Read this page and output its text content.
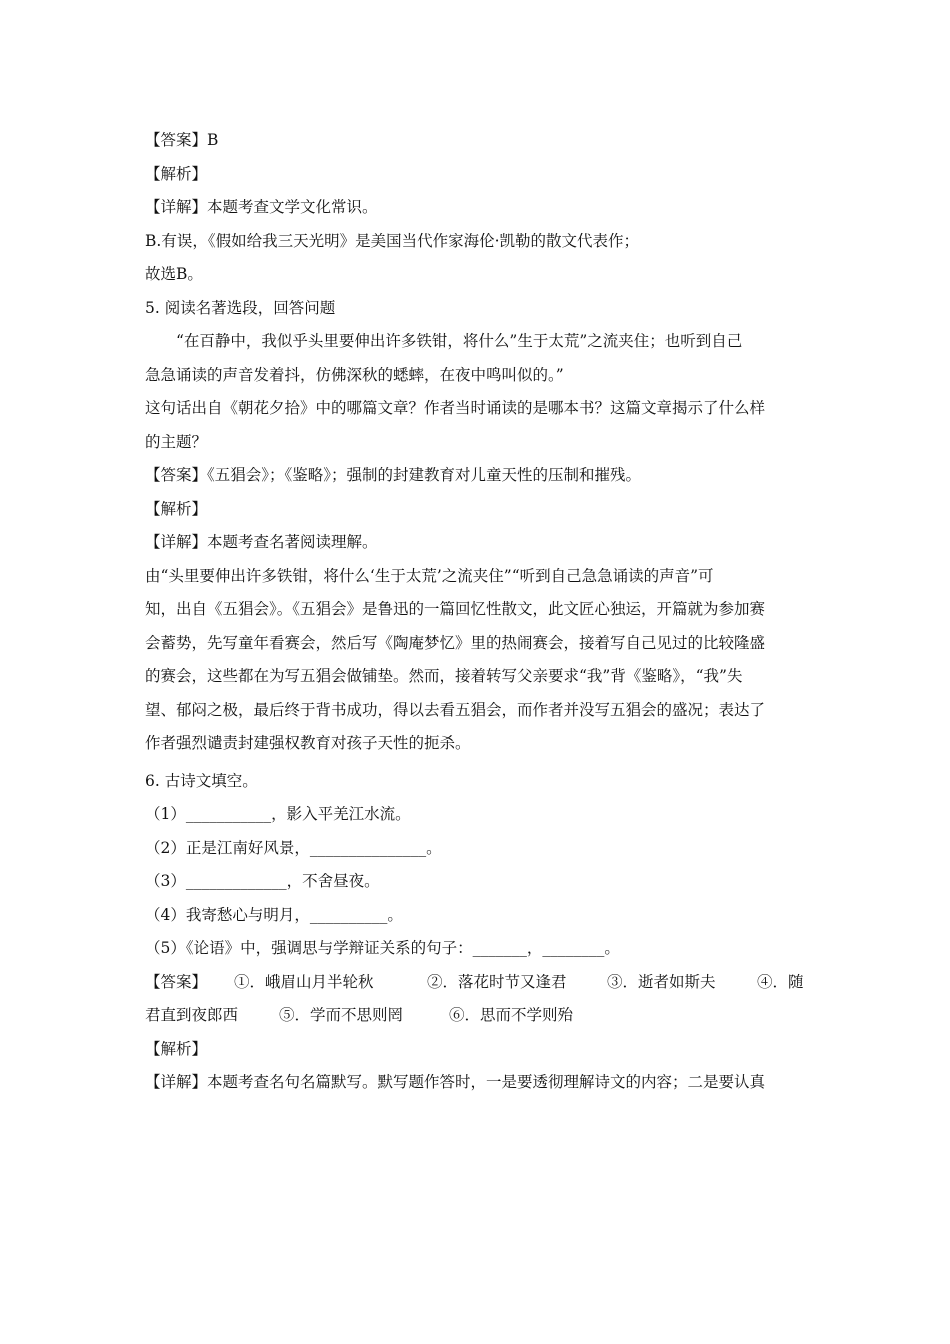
【答案】B
【解析】
【详解】本题考查文学文化常识。
B.有误，《假如给我三天光明》是美国当代作家海伦·凯勒的散文代表作；
故选B。
5. 阅读名著选段，回答问题
“在百静中，我似乎头里要伸出许多铁钳，将什么”生于太荒”之流夹住；也听到自己
急急诵读的声音发着抖，仿佛深秋的蟋蟀，在夜中鸣叫似的。”
这句话出自《朝花夕拾》中的哪篇文章？作者当时诵读的是哪本书？这篇文章揭示了什么样
的主题？
【答案】《五猖会》；《鉴略》；强制的封建教育对儿童天性的压制和摧残。
【解析】
【详解】本题考查名著阅读理解。
由“头里要伸出许多铁钳，将什么‘生于太荒’之流夹住”“听到自己急急诵读的声音”可
知，出自《五猖会》。《五猖会》是鲁迅的一篇回忆性散文，此文匠心独运，开篇就为参加赛
会蓄势，先写童年看赛会，然后写《陶庵梦忆》里的热闹赛会，接着写自己见过的比较隆盛
的赛会，这些都在为写五猖会做铺垫。然而，接着转写父亲要求“我”背《鉴略》，“我”失
望、郁闷之极，最后终于背书成功，得以去看五猖会，而作者并没写五猖会的盛况；表达了
作者强烈谴责封建强权教育对孩子天性的扼杀。
6. 古诗文填空。
（1）___________，影入平羌江水流。
（2）正是江南好风景，_______________。
（3）_____________，不舍昼夜。
（4）我寄愁心与明月，__________。
（5）《论语》中，强调思与学辩证关系的句子：_______，________。
【答案】 ①．峨眉山月半轮秋	②．落花时节又逢君	③．逝者如斯夫	④．随
君直到夜郎西	⑤．学而不思则罔	⑥．思而不学则殆
【解析】
【详解】本题考查名句名篇默写。默写题作答时，一是要透彻理解诗文的内容；二是要认真
